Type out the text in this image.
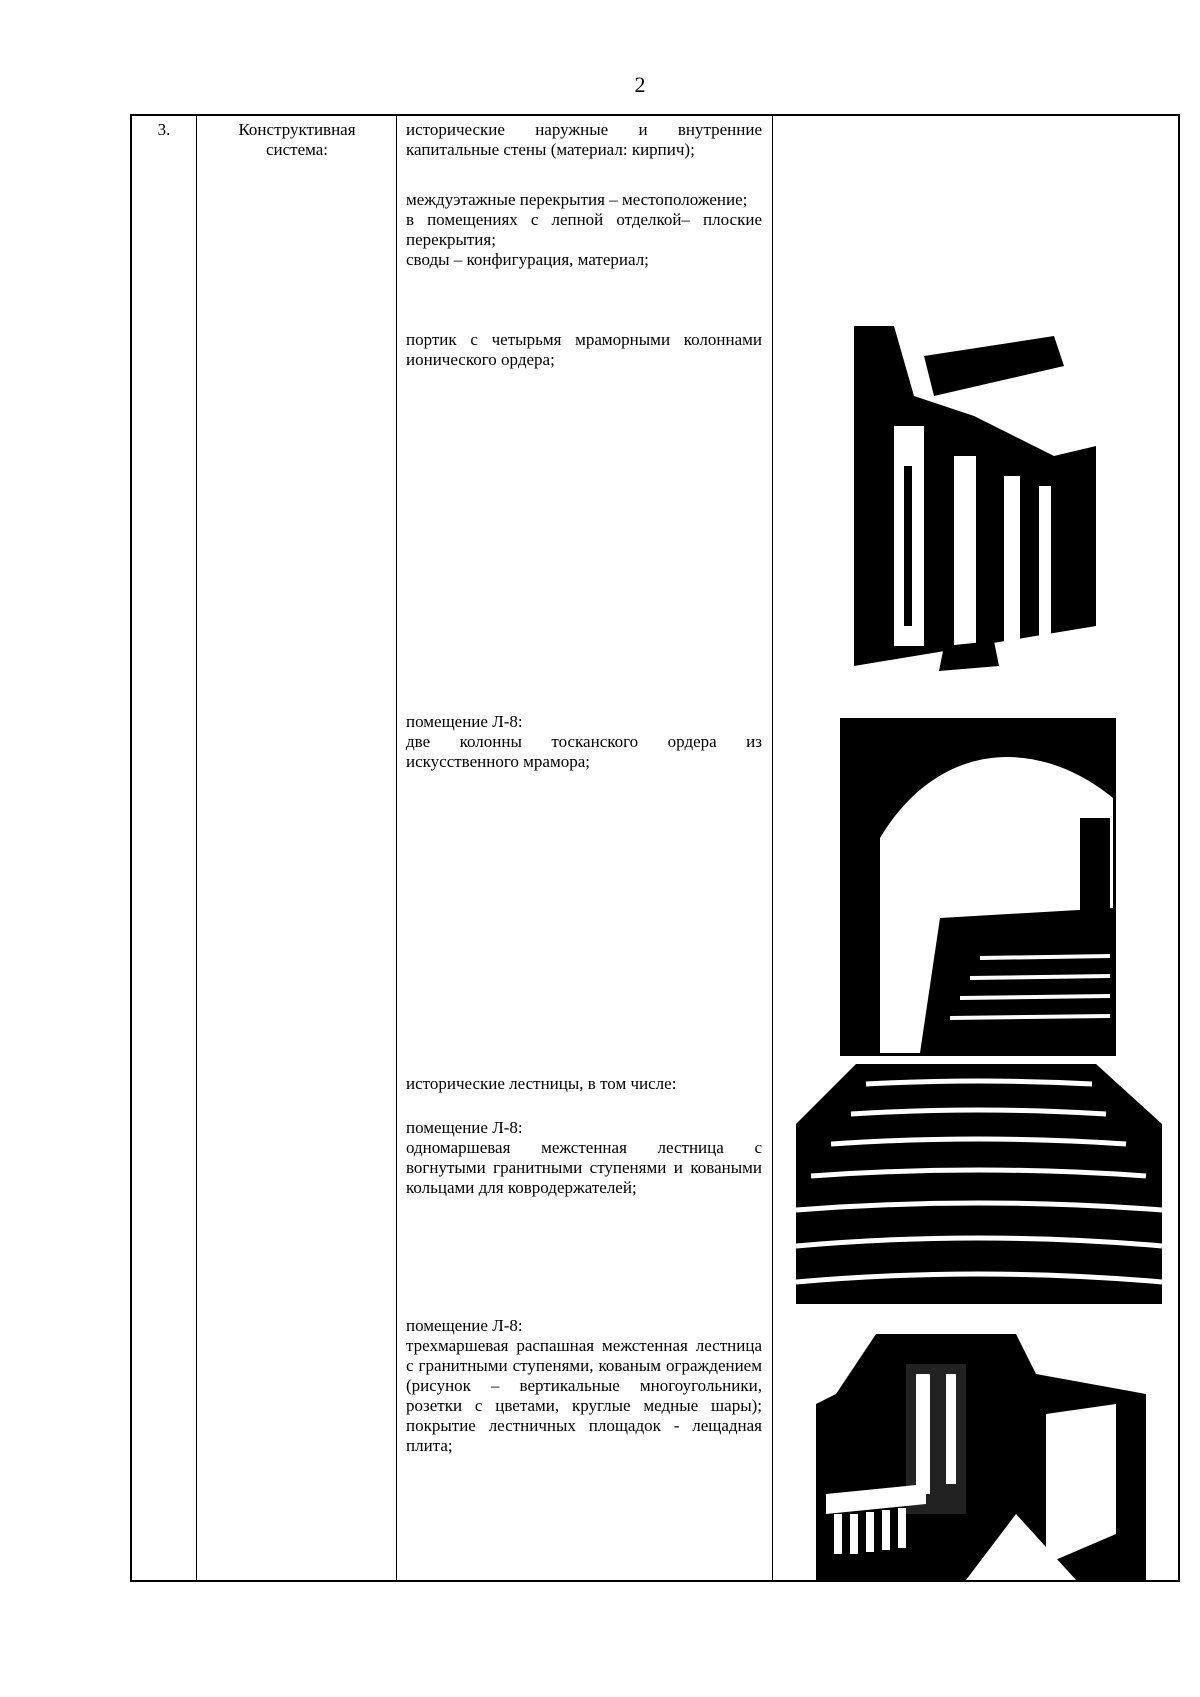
2
3.	Конструктивная
система:

исторические наружные и внутренние капитальные стены (материал: кирпич);

междуэтажные перекрытия – местоположение;

в помещениях с лепной отделкой– плоские перекрытия;

своды – конфигурация, материал;

портик с четырьмя мраморными колоннами ионического ордера;

помещение Л-8:

две колонны тосканского ордера из искусственного мрамора;

исторические лестницы, в том числе:

помещение Л-8:

одномаршевая межстенная лестница с вогнутыми гранитными ступенями и коваными кольцами для ковродержателей;

помещение Л-8:

трехмаршевая распашная межстенная лестница с гранитными ступенями, кованым ограждением (рисунок – вертикальные многоугольники, розетки с цветами, круглые медные шары); покрытие лестничных площадок - лещадная плита;
